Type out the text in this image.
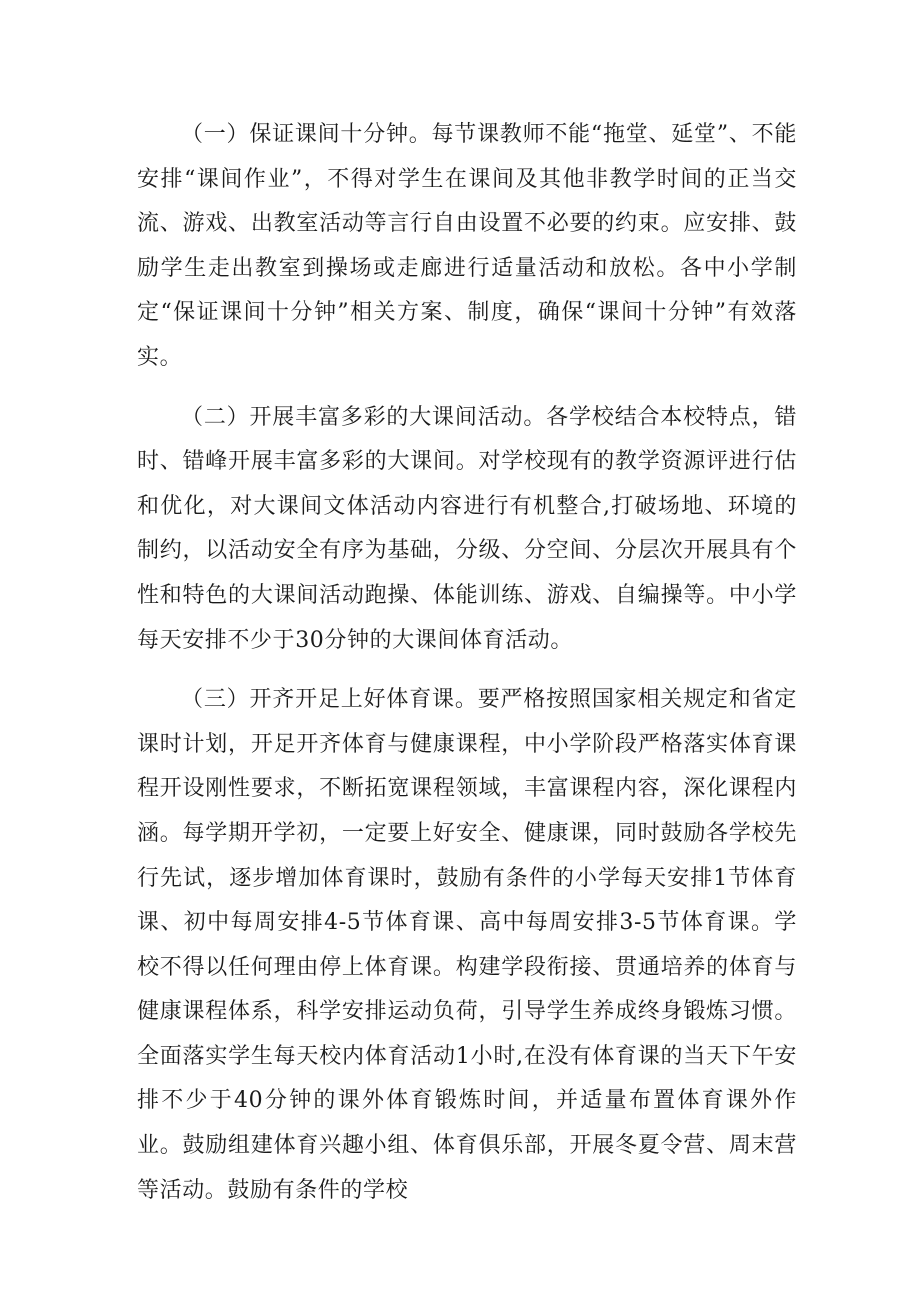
（一）保证课间十分钟。每节课教师不能“拖堂、延堂”、不能安排“课间作业”，不得对学生在课间及其他非教学时间的正当交流、游戏、出教室活动等言行自由设置不必要的约束。应安排、鼓励学生走出教室到操场或走廊进行适量活动和放松。各中小学制定“保证课间十分钟”相关方案、制度，确保“课间十分钟”有效落实。

（二）开展丰富多彩的大课间活动。各学校结合本校特点，错时、错峰开展丰富多彩的大课间。对学校现有的教学资源评进行估和优化，对大课间文体活动内容进行有机整合,打破场地、环境的制约，以活动安全有序为基础，分级、分空间、分层次开展具有个性和特色的大课间活动跑操、体能训练、游戏、自编操等。中小学每天安排不少于30分钟的大课间体育活动。

（三）开齐开足上好体育课。要严格按照国家相关规定和省定课时计划，开足开齐体育与健康课程，中小学阶段严格落实体育课程开设刚性要求，不断拓宽课程领域，丰富课程内容，深化课程内涵。每学期开学初，一定要上好安全、健康课，同时鼓励各学校先行先试，逐步增加体育课时，鼓励有条件的小学每天安排1节体育课、初中每周安排4-5节体育课、高中每周安排3-5节体育课。学校不得以任何理由停上体育课。构建学段衔接、贯通培养的体育与健康课程体系，科学安排运动负荷，引导学生养成终身锻炼习惯。全面落实学生每天校内体育活动1小时,在没有体育课的当天下午安排不少于40分钟的课外体育锻炼时间，并适量布置体育课外作业。鼓励组建体育兴趣小组、体育俱乐部，开展冬夏令营、周末营等活动。鼓励有条件的学校
